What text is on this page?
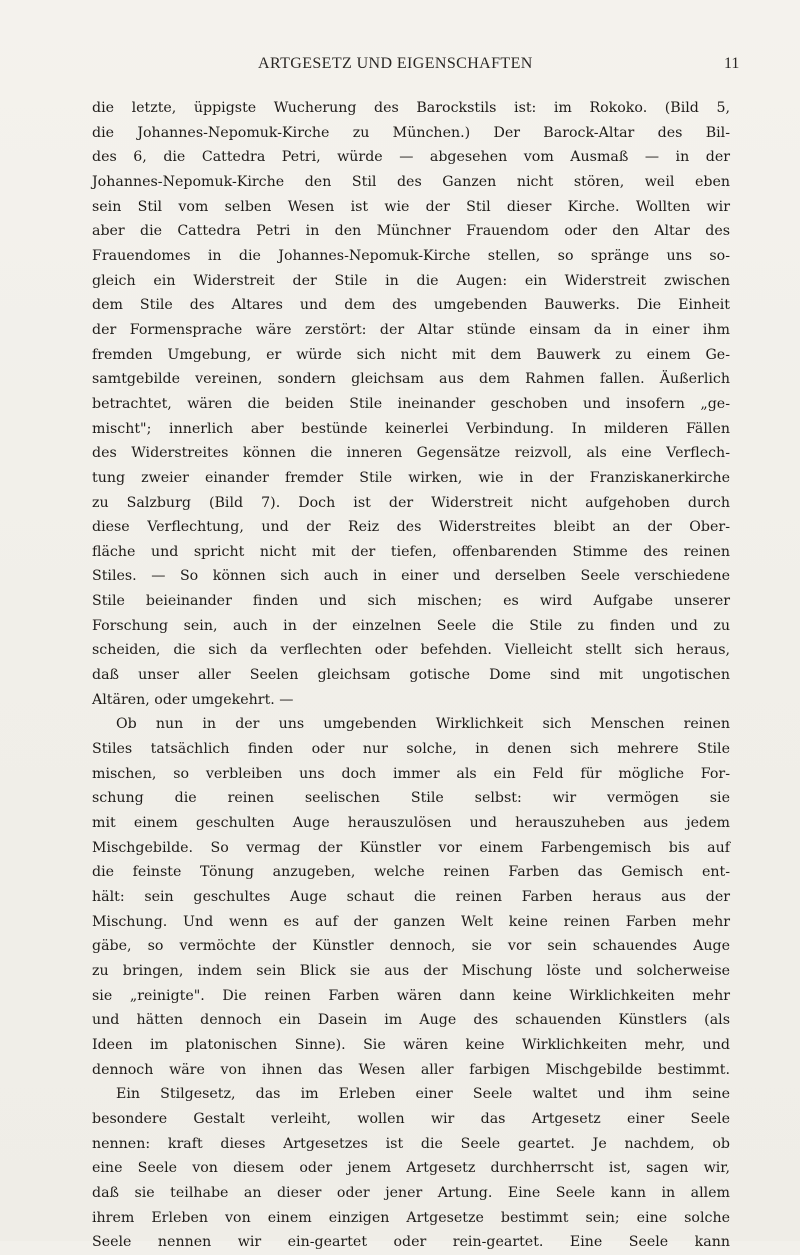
ARTGESETZ UND EIGENSCHAFTEN	11
die letzte, üppigste Wucherung des Barockstils ist: im Rokoko. (Bild 5,
die Johannes-Nepomuk-Kirche zu München.) Der Barock-Altar des Bil-
des 6, die Cattedra Petri, würde — abgesehen vom Ausmaß — in der
Johannes-Nepomuk-Kirche den Stil des Ganzen nicht stören, weil eben
sein Stil vom selben Wesen ist wie der Stil dieser Kirche. Wollten wir
aber die Cattedra Petri in den Münchner Frauendom oder den Altar des
Frauendomes in die Johannes-Nepomuk-Kirche stellen, so spränge uns so-
gleich ein Widerstreit der Stile in die Augen: ein Widerstreit zwischen
dem Stile des Altares und dem des umgebenden Bauwerks. Die Einheit
der Formensprache wäre zerstört: der Altar stünde einsam da in einer ihm
fremden Umgebung, er würde sich nicht mit dem Bauwerk zu einem Ge-
samtgebilde vereinen, sondern gleichsam aus dem Rahmen fallen. Äußerlich
betrachtet, wären die beiden Stile ineinander geschoben und insofern „ge-
mischt"; innerlich aber bestünde keinerlei Verbindung. In milderen Fällen
des Widerstreites können die inneren Gegensätze reizvoll, als eine Verflech-
tung zweier einander fremder Stile wirken, wie in der Franziskanerkirche
zu Salzburg (Bild 7). Doch ist der Widerstreit nicht aufgehoben durch
diese Verflechtung, und der Reiz des Widerstreites bleibt an der Ober-
fläche und spricht nicht mit der tiefen, offenbarenden Stimme des reinen
Stiles. — So können sich auch in einer und derselben Seele verschiedene
Stile beieinander finden und sich mischen; es wird Aufgabe unserer
Forschung sein, auch in der einzelnen Seele die Stile zu finden und zu
scheiden, die sich da verflechten oder befehden. Vielleicht stellt sich heraus,
daß unser aller Seelen gleichsam gotische Dome sind mit ungotischen
Altären, oder umgekehrt. —
Ob nun in der uns umgebenden Wirklichkeit sich Menschen reinen
Stiles tatsächlich finden oder nur solche, in denen sich mehrere Stile
mischen, so verbleiben uns doch immer als ein Feld für mögliche For-
schung die reinen seelischen Stile selbst: wir vermögen sie
mit einem geschulten Auge herauszulösen und herauszuheben aus jedem
Mischgebilde. So vermag der Künstler vor einem Farbengemisch bis auf
die feinste Tönung anzugeben, welche reinen Farben das Gemisch ent-
hält: sein geschultes Auge schaut die reinen Farben heraus aus der
Mischung. Und wenn es auf der ganzen Welt keine reinen Farben mehr
gäbe, so vermöchte der Künstler dennoch, sie vor sein schauendes Auge
zu bringen, indem sein Blick sie aus der Mischung löste und solcherweise
sie „reinigte". Die reinen Farben wären dann keine Wirklichkeiten mehr
und hätten dennoch ein Dasein im Auge des schauenden Künstlers (als
Ideen im platonischen Sinne). Sie wären keine Wirklichkeiten mehr, und
dennoch wäre von ihnen das Wesen aller farbigen Mischgebilde bestimmt.
Ein Stilgesetz, das im Erleben einer Seele waltet und ihm seine
besondere Gestalt verleiht, wollen wir das Artgesetz einer Seele
nennen: kraft dieses Artgesetzes ist die Seele geartet. Je nachdem, ob
eine Seele von diesem oder jenem Artgesetz durchherrscht ist, sagen wir,
daß sie teilhabe an dieser oder jener Artung. Eine Seele kann in allem
ihrem Erleben von einem einzigen Artgesetze bestimmt sein; eine solche
Seele nennen wir ein-geartet oder rein-geartet. Eine Seele kann
